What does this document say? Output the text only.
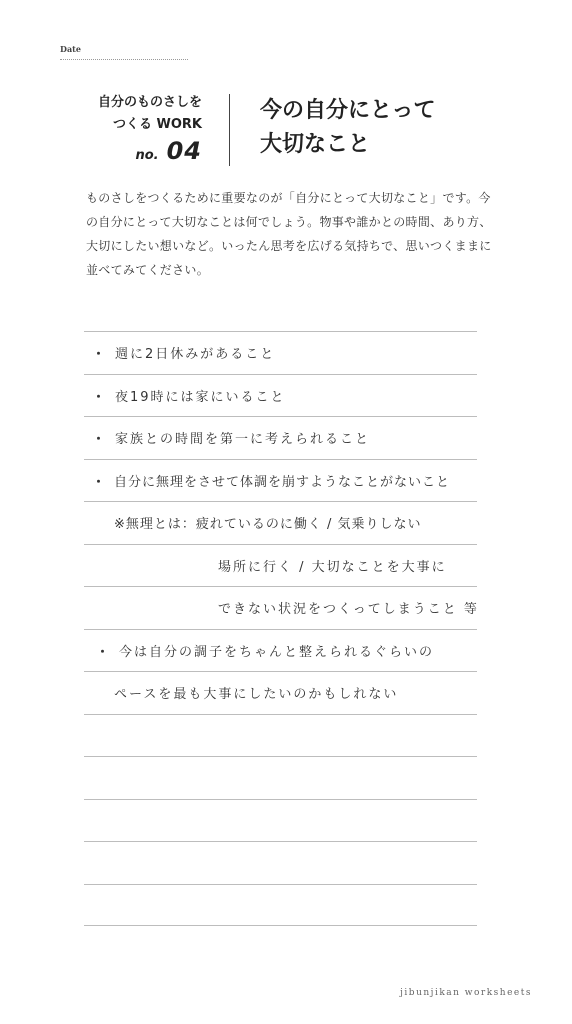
Date
自分のものさしを
つくる WORK
no. 04
今の自分にとって
大切なこと
ものさしをつくるために重要なのが「自分にとって大切なこと」です。今の自分にとって大切なことは何でしょう。物事や誰かとの時間、あり方、大切にしたい想いなど。いったん思考を広げる気持ちで、思いつくままに並べてみてください。
・ 週に2日休みがあること
・ 夜19時には家にいること
・ 家族との時間を第一に考えられること
・ 自分に無理をさせて体調を崩すようなことがないこと
※無理とは：疲れているのに働く / 気乗りしない
場所に行く / 大切なことを大事に
できない状況をつくってしまうこと 等
・ 今は自分の調子をちゃんと整えられるぐらいの
ペースを最も大事にしたいのかもしれない
jibunjikan worksheets
